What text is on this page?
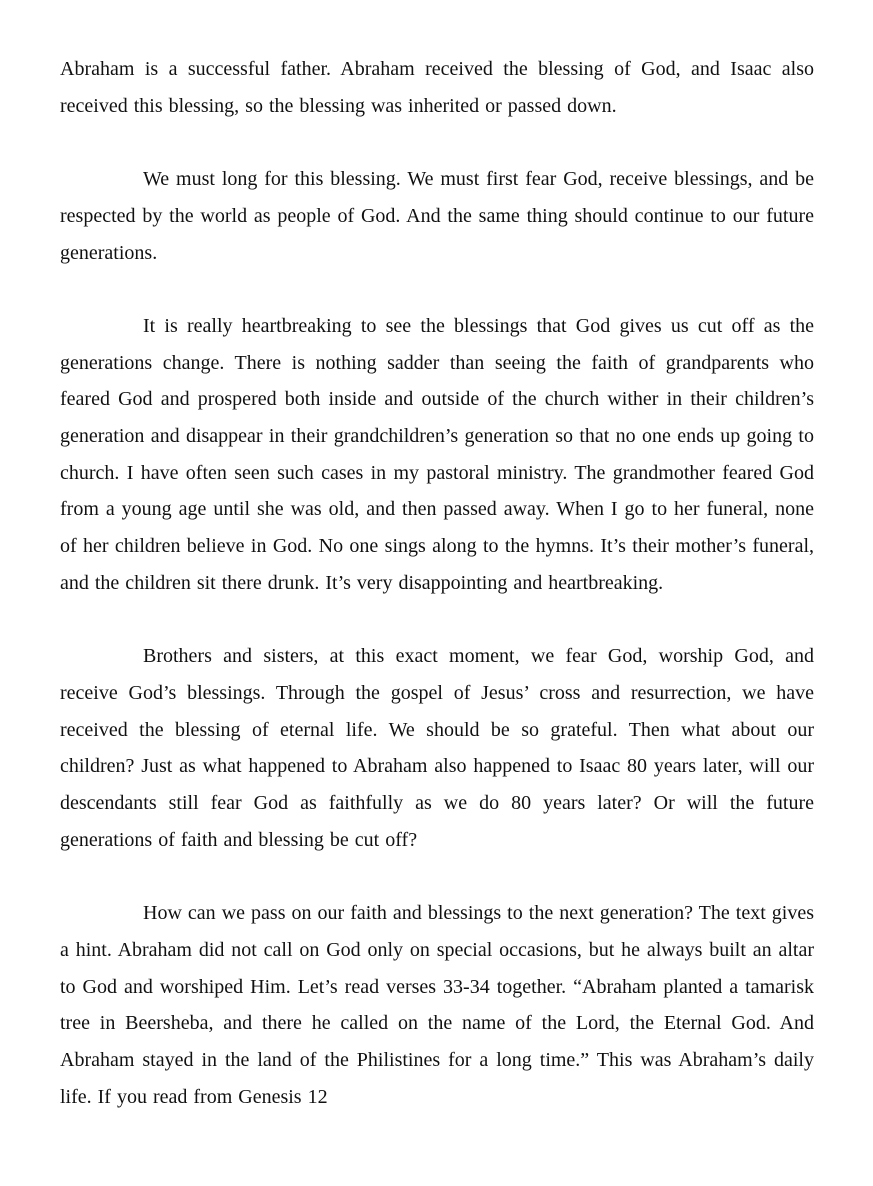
Abraham is a successful father. Abraham received the blessing of God, and Isaac also received this blessing, so the blessing was inherited or passed down.

We must long for this blessing. We must first fear God, receive blessings, and be respected by the world as people of God. And the same thing should continue to our future generations.

It is really heartbreaking to see the blessings that God gives us cut off as the generations change. There is nothing sadder than seeing the faith of grandparents who feared God and prospered both inside and outside of the church wither in their children’s generation and disappear in their grandchildren’s generation so that no one ends up going to church. I have often seen such cases in my pastoral ministry. The grandmother feared God from a young age until she was old, and then passed away. When I go to her funeral, none of her children believe in God. No one sings along to the hymns. It’s their mother’s funeral, and the children sit there drunk. It’s very disappointing and heartbreaking.

Brothers and sisters, at this exact moment, we fear God, worship God, and receive God’s blessings. Through the gospel of Jesus’ cross and resurrection, we have received the blessing of eternal life. We should be so grateful. Then what about our children? Just as what happened to Abraham also happened to Isaac 80 years later, will our descendants still fear God as faithfully as we do 80 years later? Or will the future generations of faith and blessing be cut off?

How can we pass on our faith and blessings to the next generation? The text gives a hint. Abraham did not call on God only on special occasions, but he always built an altar to God and worshiped Him. Let’s read verses 33-34 together. “Abraham planted a tamarisk tree in Beersheba, and there he called on the name of the Lord, the Eternal God. And Abraham stayed in the land of the Philistines for a long time.” This was Abraham’s daily life. If you read from Genesis 12
